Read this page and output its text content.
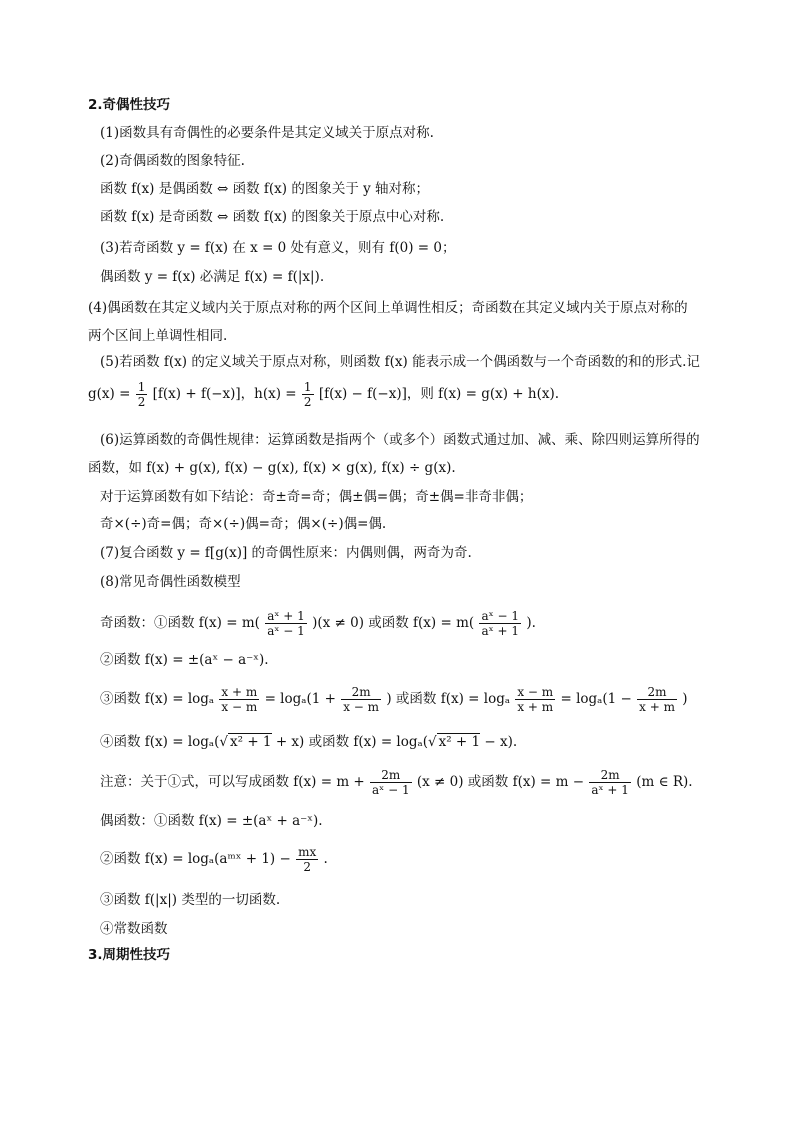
2.奇偶性技巧
(1)函数具有奇偶性的必要条件是其定义域关于原点对称.
(2)奇偶函数的图象特征.
函数 f(x) 是偶函数 ⇔ 函数 f(x) 的图象关于 y 轴对称；
函数 f(x) 是奇函数 ⇔ 函数 f(x) 的图象关于原点中心对称.
(3)若奇函数 y = f(x) 在 x = 0 处有意义，则有 f(0) = 0；
偶函数 y = f(x) 必满足 f(x) = f(|x|).
(4)偶函数在其定义域内关于原点对称的两个区间上单调性相反；奇函数在其定义域内关于原点对称的
两个区间上单调性相同.
(5)若函数 f(x) 的定义域关于原点对称，则函数 f(x) 能表示成一个偶函数与一个奇函数的和的形式.记
$g(x) = \frac{1}{2} [f(x) + f(-x)]$，$h(x) = \frac{1}{2} [f(x) - f(-x)]$，则 f(x) = g(x) + h(x).
(6)运算函数的奇偶性规律：运算函数是指两个（或多个）函数式通过加、减、乘、除四则运算所得的
函数，如 f(x) + g(x), f(x) − g(x), f(x) × g(x), f(x) ÷ g(x).
对于运算函数有如下结论：奇±奇=奇；偶±偶=偶；奇±偶=非奇非偶；
奇×(÷)奇=偶；奇×(÷)偶=奇；偶×(÷)偶=偶.
(7)复合函数 y = f[g(x)] 的奇偶性原来：内偶则偶，两奇为奇.
(8)常见奇偶性函数模型
奇函数：①函数 $f(x) = m( \frac{\text{aˣ + 1}}{\text{aˣ − 1}} )(x \ne 0)$ 或函数 $f(x) = m( \frac{\text{aˣ − 1}}{\text{aˣ + 1}}$ ).
②函数 f(x) = ±(aˣ − a⁻ˣ).
③函数 f(x) = logₐ $\frac{x + m}{x - m} = \log_a(1 + \frac{2m}{x - m}$ ) 或函数 f(x) = logₐ $\frac{x - m}{x + m} = \log_a(1 - \frac{2m}{x + m}$ )
④函数 f(x) = logₐ(√ x² + 1 + x) 或函数 f(x) = logₐ(√ x² + 1 − x).
注意：关于①式，可以写成函数 $f(x) = m + \frac{2m}{\text{aˣ − 1}} (x \ne 0)$ 或函数 $f(x) = m - \frac{2m}{\text{aˣ + 1}} (m$ ∈ R).
偶函数：①函数 f(x) = ±(aˣ + a⁻ˣ).
②函数 f(x) = logₐ(aᵐˣ + $1) - \frac{mx}{2}$ .
③函数 f(|x|) 类型的一切函数.
④常数函数
3.周期性技巧
